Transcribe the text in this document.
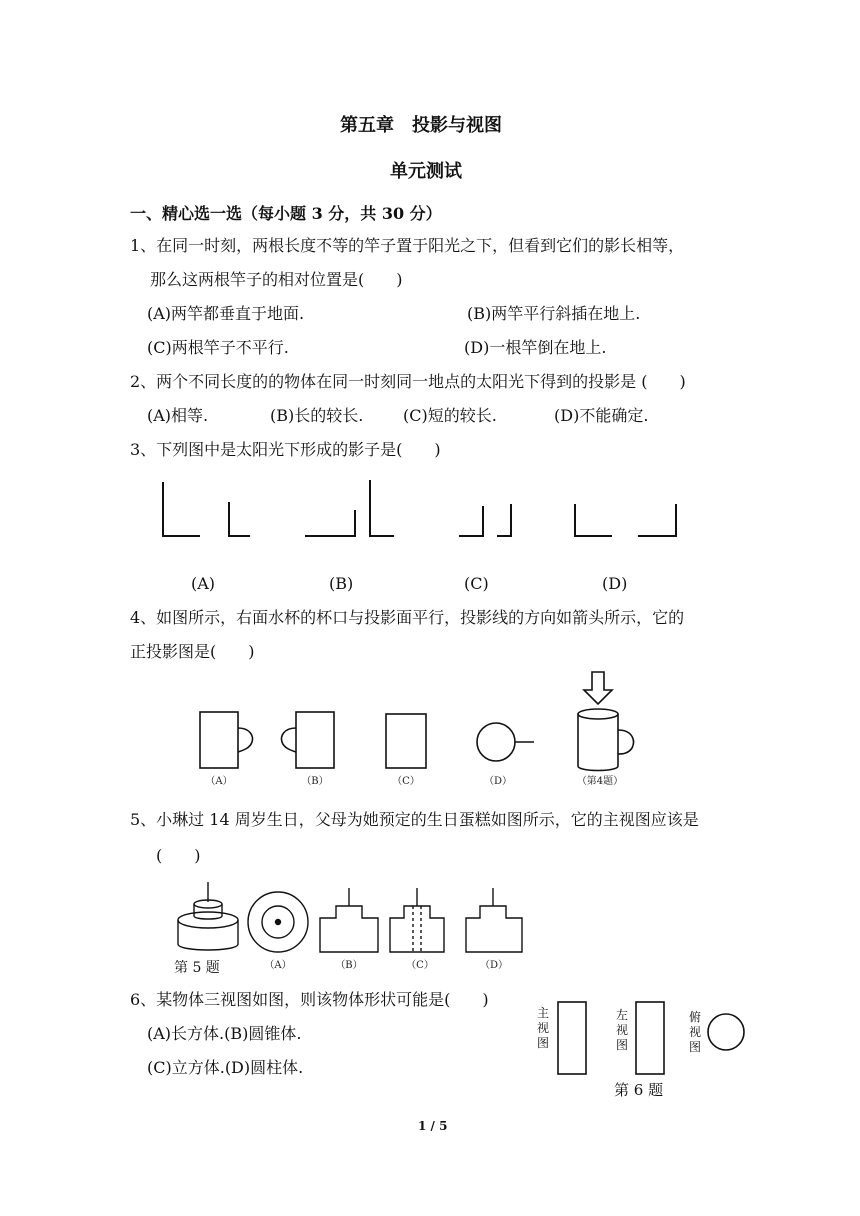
第五章　投影与视图
单元测试
一、精心选一选（每小题 3 分，共 30 分）
1、在同一时刻，两根长度不等的竿子置于阳光之下，但看到它们的影长相等，
那么这两根竿子的相对位置是(　　)
(A)两竿都垂直于地面.	(B)两竿平行斜插在地上.
(C)两根竿子不平行.	(D)一根竿倒在地上.
2、两个不同长度的的物体在同一时刻同一地点的太阳光下得到的投影是 (　　)
(A)相等.	(B)长的较长. (C)短的较长.	(D)不能确定.
3、下列图中是太阳光下形成的影子是(　　)
(A)	(B)	(C)	(D)
4、如图所示，右面水杯的杯口与投影面平行，投影线的方向如箭头所示，它的
正投影图是(　　)
（A）	（B）	（C）	（D）	（第4题）
5、小琳过 14 周岁生日，父母为她预定的生日蛋糕如图所示，它的主视图应该是
(　　)
第 5 题	（A）	（B）	（C）	（D）
6、某物体三视图如图，则该物体形状可能是(　　)
(A)长方体.(B)圆锥体.
(C)立方体.(D)圆柱体.
主视图
左视图
俯视图
第 6 题
1 / 5
